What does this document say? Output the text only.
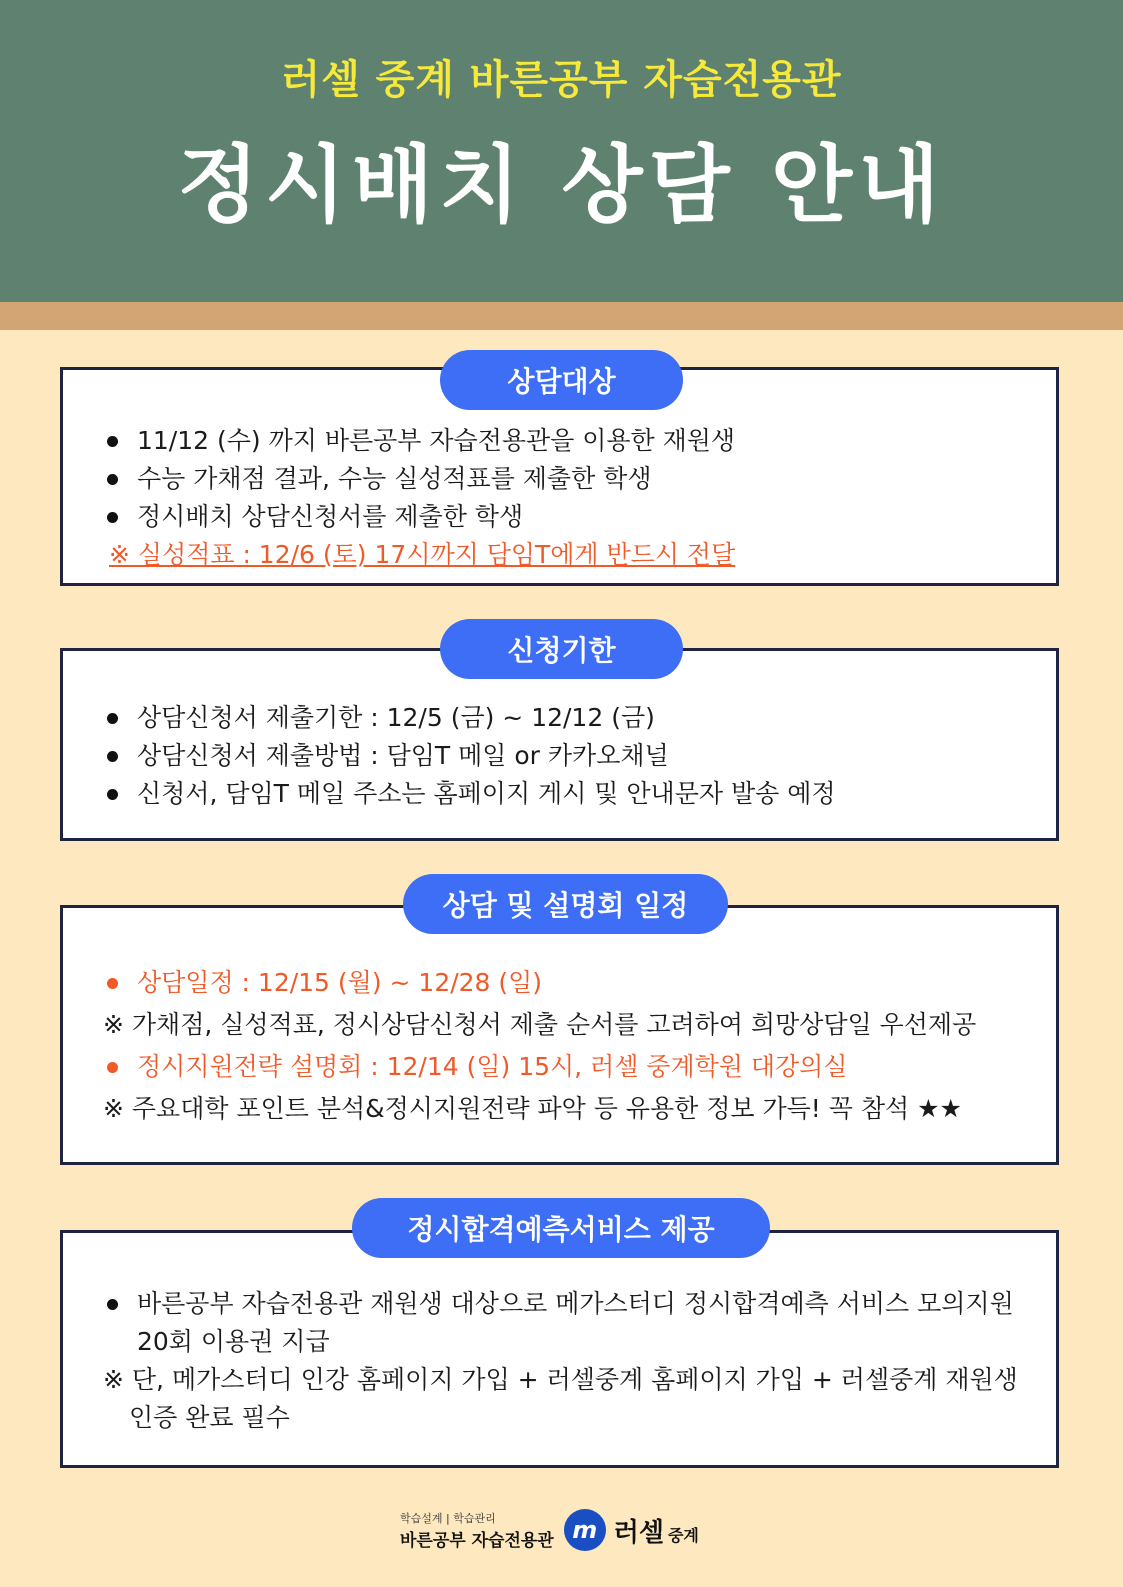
러셀 중계 바른공부 자습전용관
정시배치 상담 안내
11/12 (수) 까지 바른공부 자습전용관을 이용한 재원생
수능 가채점 결과, 수능 실성적표를 제출한 학생
정시배치 상담신청서를 제출한 학생
※ 실성적표 : 12/6 (토) 17시까지 담임T에게 반드시 전달
상담대상
상담신청서 제출기한 : 12/5 (금) ~ 12/12 (금)
상담신청서 제출방법 : 담임T 메일 or 카카오채널
신청서, 담임T 메일 주소는 홈페이지 게시 및 안내문자 발송 예정
신청기한
상담일정 : 12/15 (월) ~ 12/28 (일)
※ 가채점, 실성적표, 정시상담신청서 제출 순서를 고려하여 희망상담일 우선제공
정시지원전략 설명회 : 12/14 (일) 15시, 러셀 중계학원 대강의실
※ 주요대학 포인트 분석&정시지원전략 파악 등 유용한 정보 가득! 꼭 참석 ★★
상담 및 설명회 일정
바른공부 자습전용관 재원생 대상으로 메가스터디 정시합격예측 서비스 모의지원
20회 이용권 지급
※ 단, 메가스터디 인강 홈페이지 가입 + 러셀중계 홈페이지 가입 + 러셀중계 재원생
인증 완료 필수
정시합격예측서비스 제공
학습설계 | 학습관리
바른공부 자습전용관 m 러셀 중계
